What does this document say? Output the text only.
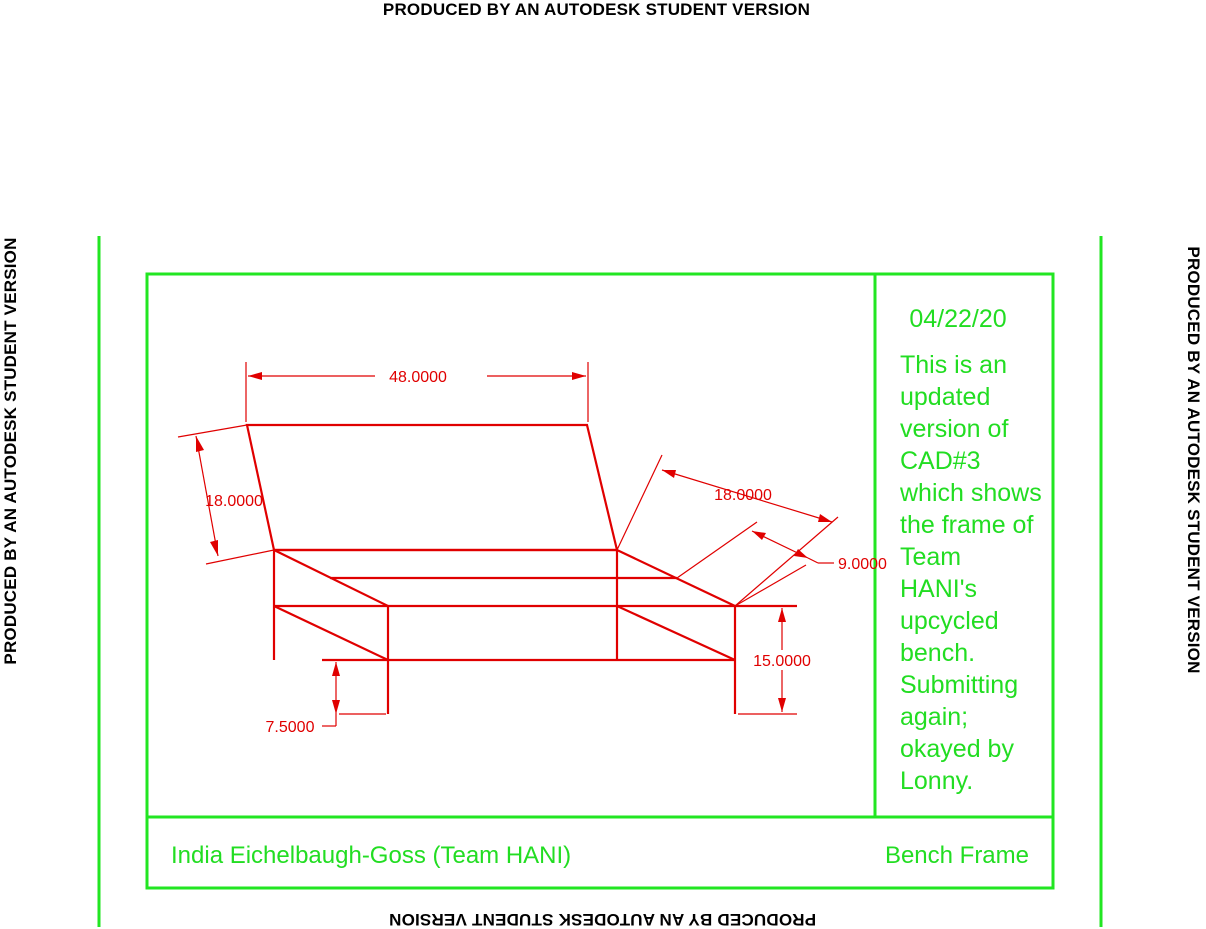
PRODUCED BY AN AUTODESK STUDENT VERSION
PRODUCED BY AN AUTODESK STUDENT VERSION
PRODUCED BY AN AUTODESK STUDENT VERSION	PRODUCED BY AN AUTODESK STUDENT VERSION
48.0000
18.0000	18.0000
9.0000
15.0000
7.5000
04/22/20
This is an
updated
version of
CAD#3
which shows
the frame of
Team
HANI's
upcycled
bench.
Submitting
again;
okayed by
Lonny.
India Eichelbaugh-Goss (Team HANI)	Bench Frame
